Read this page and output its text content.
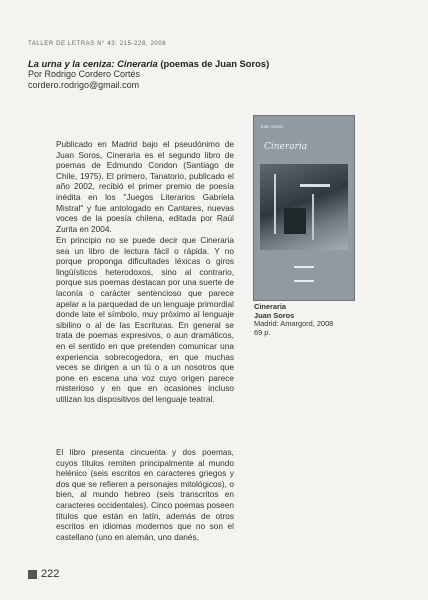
TALLER DE LETRAS N° 43: 215-228, 2008
La urna y la ceniza: Cineraria (poemas de Juan Soros)
Por Rodrigo Cordero Cortés
cordero.rodrigo@gmail.com

Publicado en Madrid bajo el pseudónimo de Juan Soros, Cineraria es el segundo libro de poemas de Edmundo Condon (Santiago de Chile, 1975). El primero, Tanatorio, publicado el año 2002, recibió el primer premio de poesía inédita en los "Juegos Literarios Gabriela Mistral" y fue antologado en Cantares, nuevas voces de la poesía chilena, editada por Raúl Zurita en 2004.

En principio no se puede decir que Cineraria sea un libro de lectura fácil o rápida. Y no porque proponga dificultades léxicas o giros lingüísticos heterodoxos, sino al contrario, porque sus poemas destacan por una suerte de laconía o carácter sentencioso que parece apelar a la parquedad de un lenguaje primordial donde late el símbolo, muy próximo al lenguaje sibilino o al de las Escrituras. En general se trata de poemas expresivos, o aun dramáticos, en el sentido en que pretenden comunicar una experiencia sobrecogedora, en que muchas veces se dirigen a un tú o a un nosotros que pone en escena una voz cuyo origen parece misterioso y en que en ocasiones incluso utilizan los dispositivos del lenguaje teatral.

El libro presenta cincuenta y dos poemas, cuyos títulos remiten principalmente al mundo helénico (seis escritos en caracteres griegos y dos que se refieren a personajes mitológicos), o bien, al mundo hebreo (seis transcritos en caracteres occidentales). Cinco poemas poseen títulos que están en latín, además de otros escritos en idiomas modernos que no son el castellano (uno en alemán, uno danés,

Juan Soros
Cineraria
Cineraria
Juan Soros
Madrid: Amargord, 2008
69 p.
222
